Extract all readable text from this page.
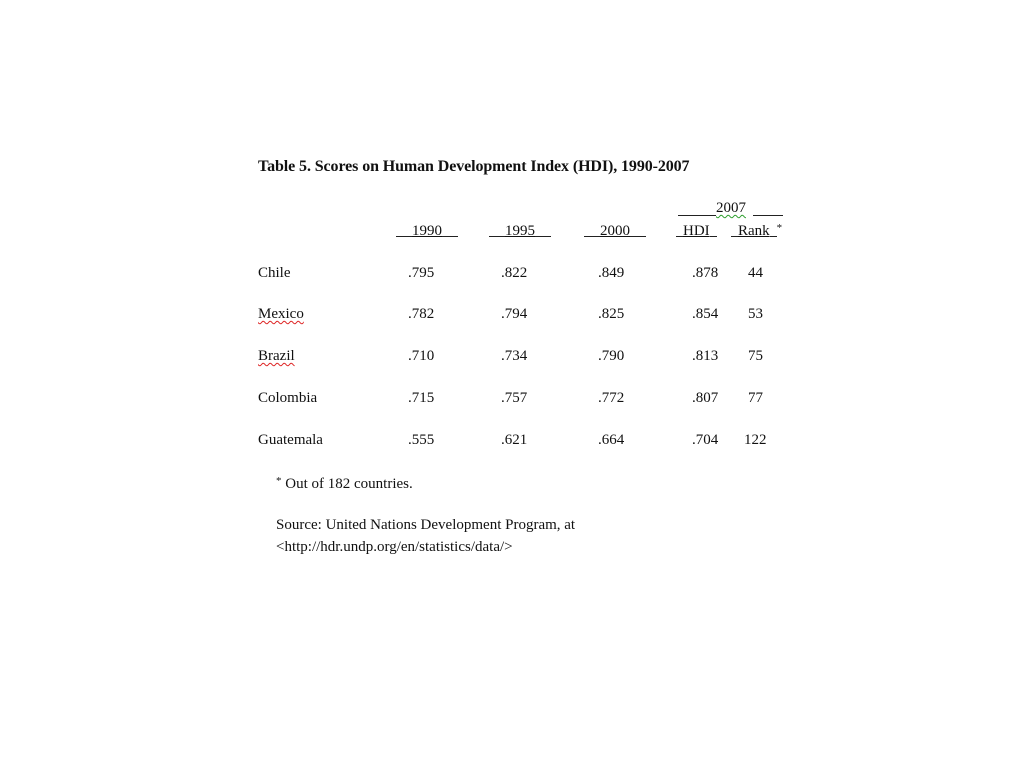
Table 5. Scores on Human Development Index (HDI), 1990-2007
2007
1990	1995	2000	HDI	Rank *
Chile	.795	.822	.849	.878 44
Mexico	.782	.794	.825	.854 53
Brazil	.710	.734	.790	.813 75
Colombia	.715	.757	.772	.807 77
Guatemala	.555	.621	.664	.704 122
* Out of 182 countries.
Source: United Nations Development Program, at
<http://hdr.undp.org/en/statistics/data/>
